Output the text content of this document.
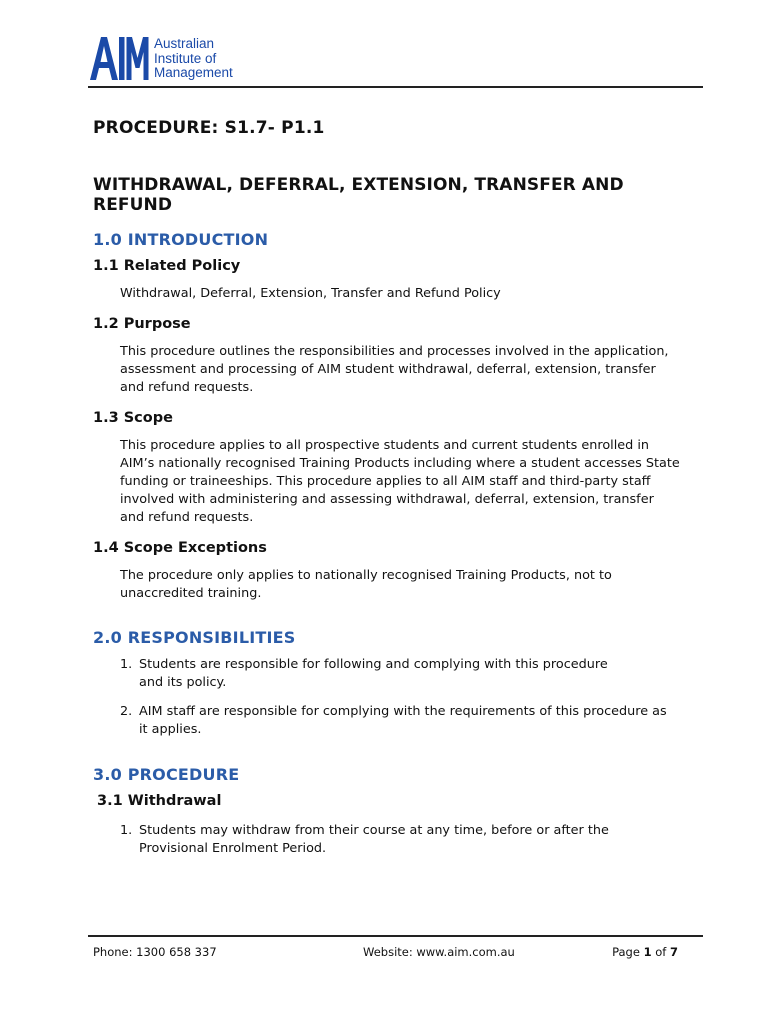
Australian
Institute of
Management
PROCEDURE: S1.7- P1.1
WITHDRAWAL, DEFERRAL, EXTENSION, TRANSFER AND REFUND
1.0 INTRODUCTION
1.1 Related Policy

Withdrawal, Deferral, Extension, Transfer and Refund Policy

1.2 Purpose

This procedure outlines the responsibilities and processes involved in the application,
assessment and processing of AIM student withdrawal, deferral, extension, transfer
and refund requests.

1.3 Scope

This procedure applies to all prospective students and current students enrolled in
AIM’s nationally recognised Training Products including where a student accesses State
funding or traineeships. This procedure applies to all AIM staff and third-party staff
involved with administering and assessing withdrawal, deferral, extension, transfer
and refund requests.

1.4 Scope Exceptions

The procedure only applies to nationally recognised Training Products, not to
unaccredited training.

2.0 RESPONSIBILITIES
1. Students are responsible for following and complying with this procedure
and its policy.
2. AIM staff are responsible for complying with the requirements of this procedure as
it applies.
3.0 PROCEDURE
3.1 Withdrawal
1. Students may withdraw from their course at any time, before or after the
Provisional Enrolment Period.
Phone: 1300 658 337	Website: www.aim.com.au	Page 1 of 7
